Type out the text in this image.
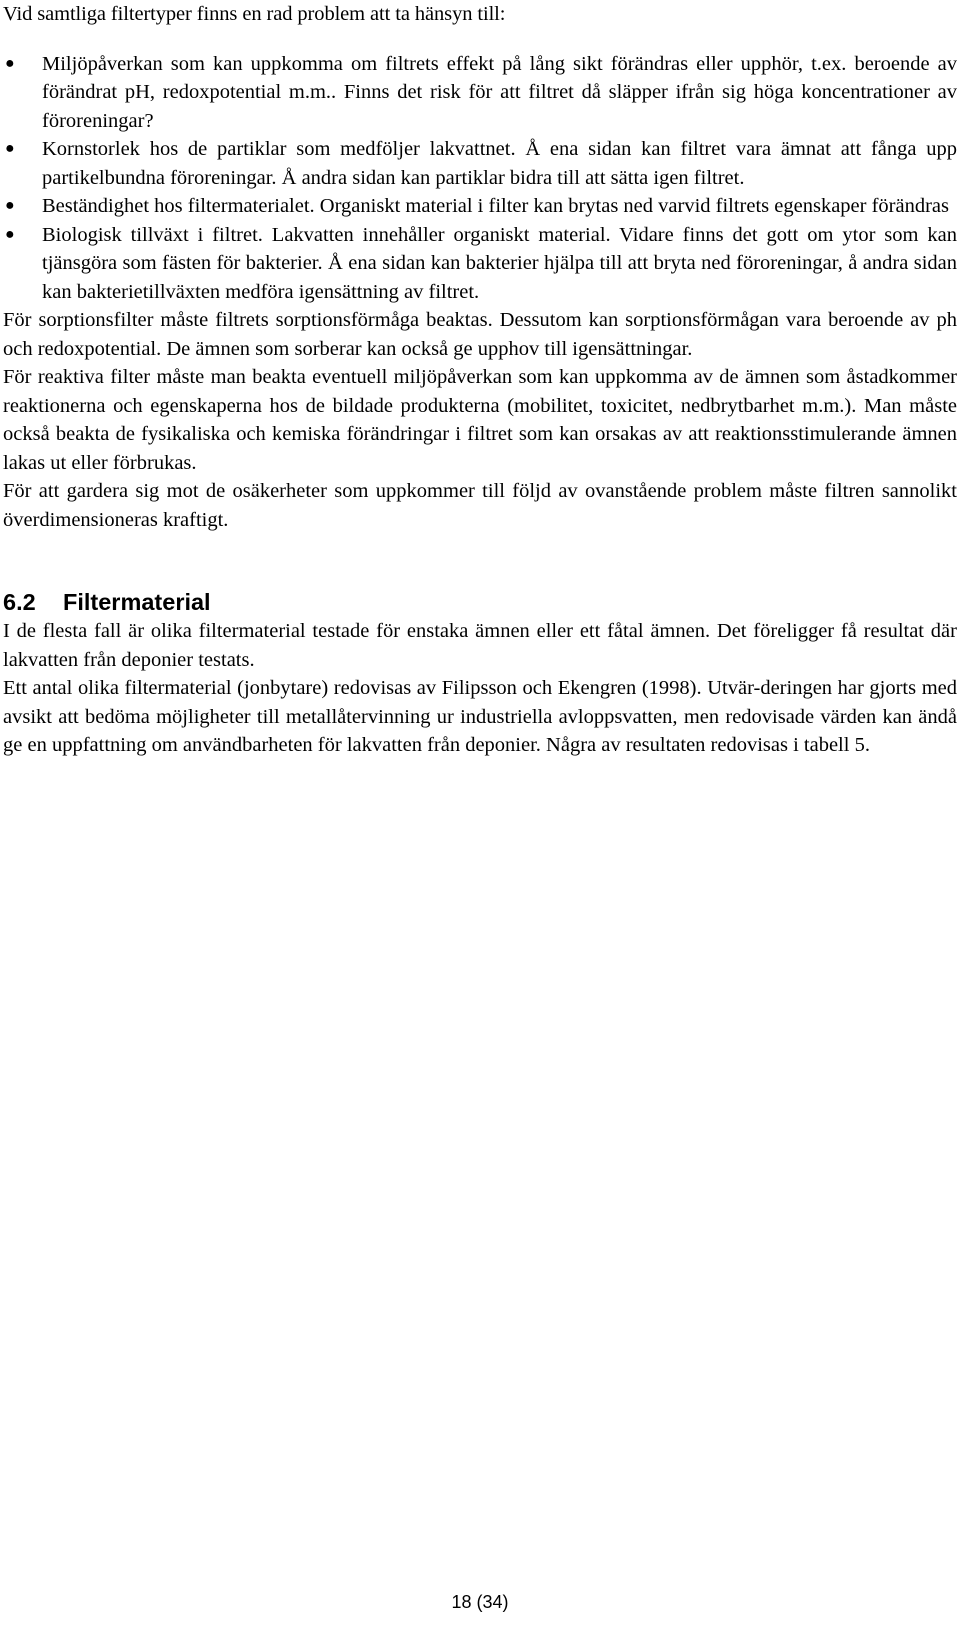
Vid samtliga filtertyper finns en rad problem att ta hänsyn till:

● Miljöpåverkan som kan uppkomma om filtrets effekt på lång sikt förändras eller upphör, t.ex. beroende av förändrat pH, redoxpotential m.m.. Finns det risk för att filtret då släpper ifrån sig höga koncentrationer av föroreningar?
● Kornstorlek hos de partiklar som medföljer lakvattnet. Å ena sidan kan filtret vara ämnat att fånga upp partikelbundna föroreningar. Å andra sidan kan partiklar bidra till att sätta igen filtret.
● Beständighet hos filtermaterialet. Organiskt material i filter kan brytas ned varvid filtrets egenskaper förändras
● Biologisk tillväxt i filtret. Lakvatten innehåller organiskt material. Vidare finns det gott om ytor som kan tjänsgöra som fästen för bakterier. Å ena sidan kan bakterier hjälpa till att bryta ned föroreningar, å andra sidan kan bakterietillväxten medföra igensättning av filtret.

För sorptionsfilter måste filtrets sorptionsförmåga beaktas. Dessutom kan sorptionsförmågan vara beroende av ph och redoxpotential. De ämnen som sorberar kan också ge upphov till igensättningar.

För reaktiva filter måste man beakta eventuell miljöpåverkan som kan uppkomma av de ämnen som åstadkommer reaktionerna och egenskaperna hos de bildade produkterna (mobilitet, toxicitet, nedbrytbarhet m.m.). Man måste också beakta de fysikaliska och kemiska förändringar i filtret som kan orsakas av att reaktionsstimulerande ämnen lakas ut eller förbrukas.

För att gardera sig mot de osäkerheter som uppkommer till följd av ovanstående problem måste filtren sannolikt överdimensioneras kraftigt.

6.2	Filtermaterial

I de flesta fall är olika filtermaterial testade för enstaka ämnen eller ett fåtal ämnen. Det föreligger få resultat där lakvatten från deponier testats.

Ett antal olika filtermaterial (jonbytare) redovisas av Filipsson och Ekengren (1998). Utvär-deringen har gjorts med avsikt att bedöma möjligheter till metallåtervinning ur industriella avloppsvatten, men redovisade värden kan ändå ge en uppfattning om användbarheten för lakvatten från deponier. Några av resultaten redovisas i tabell 5.

18 (34)
